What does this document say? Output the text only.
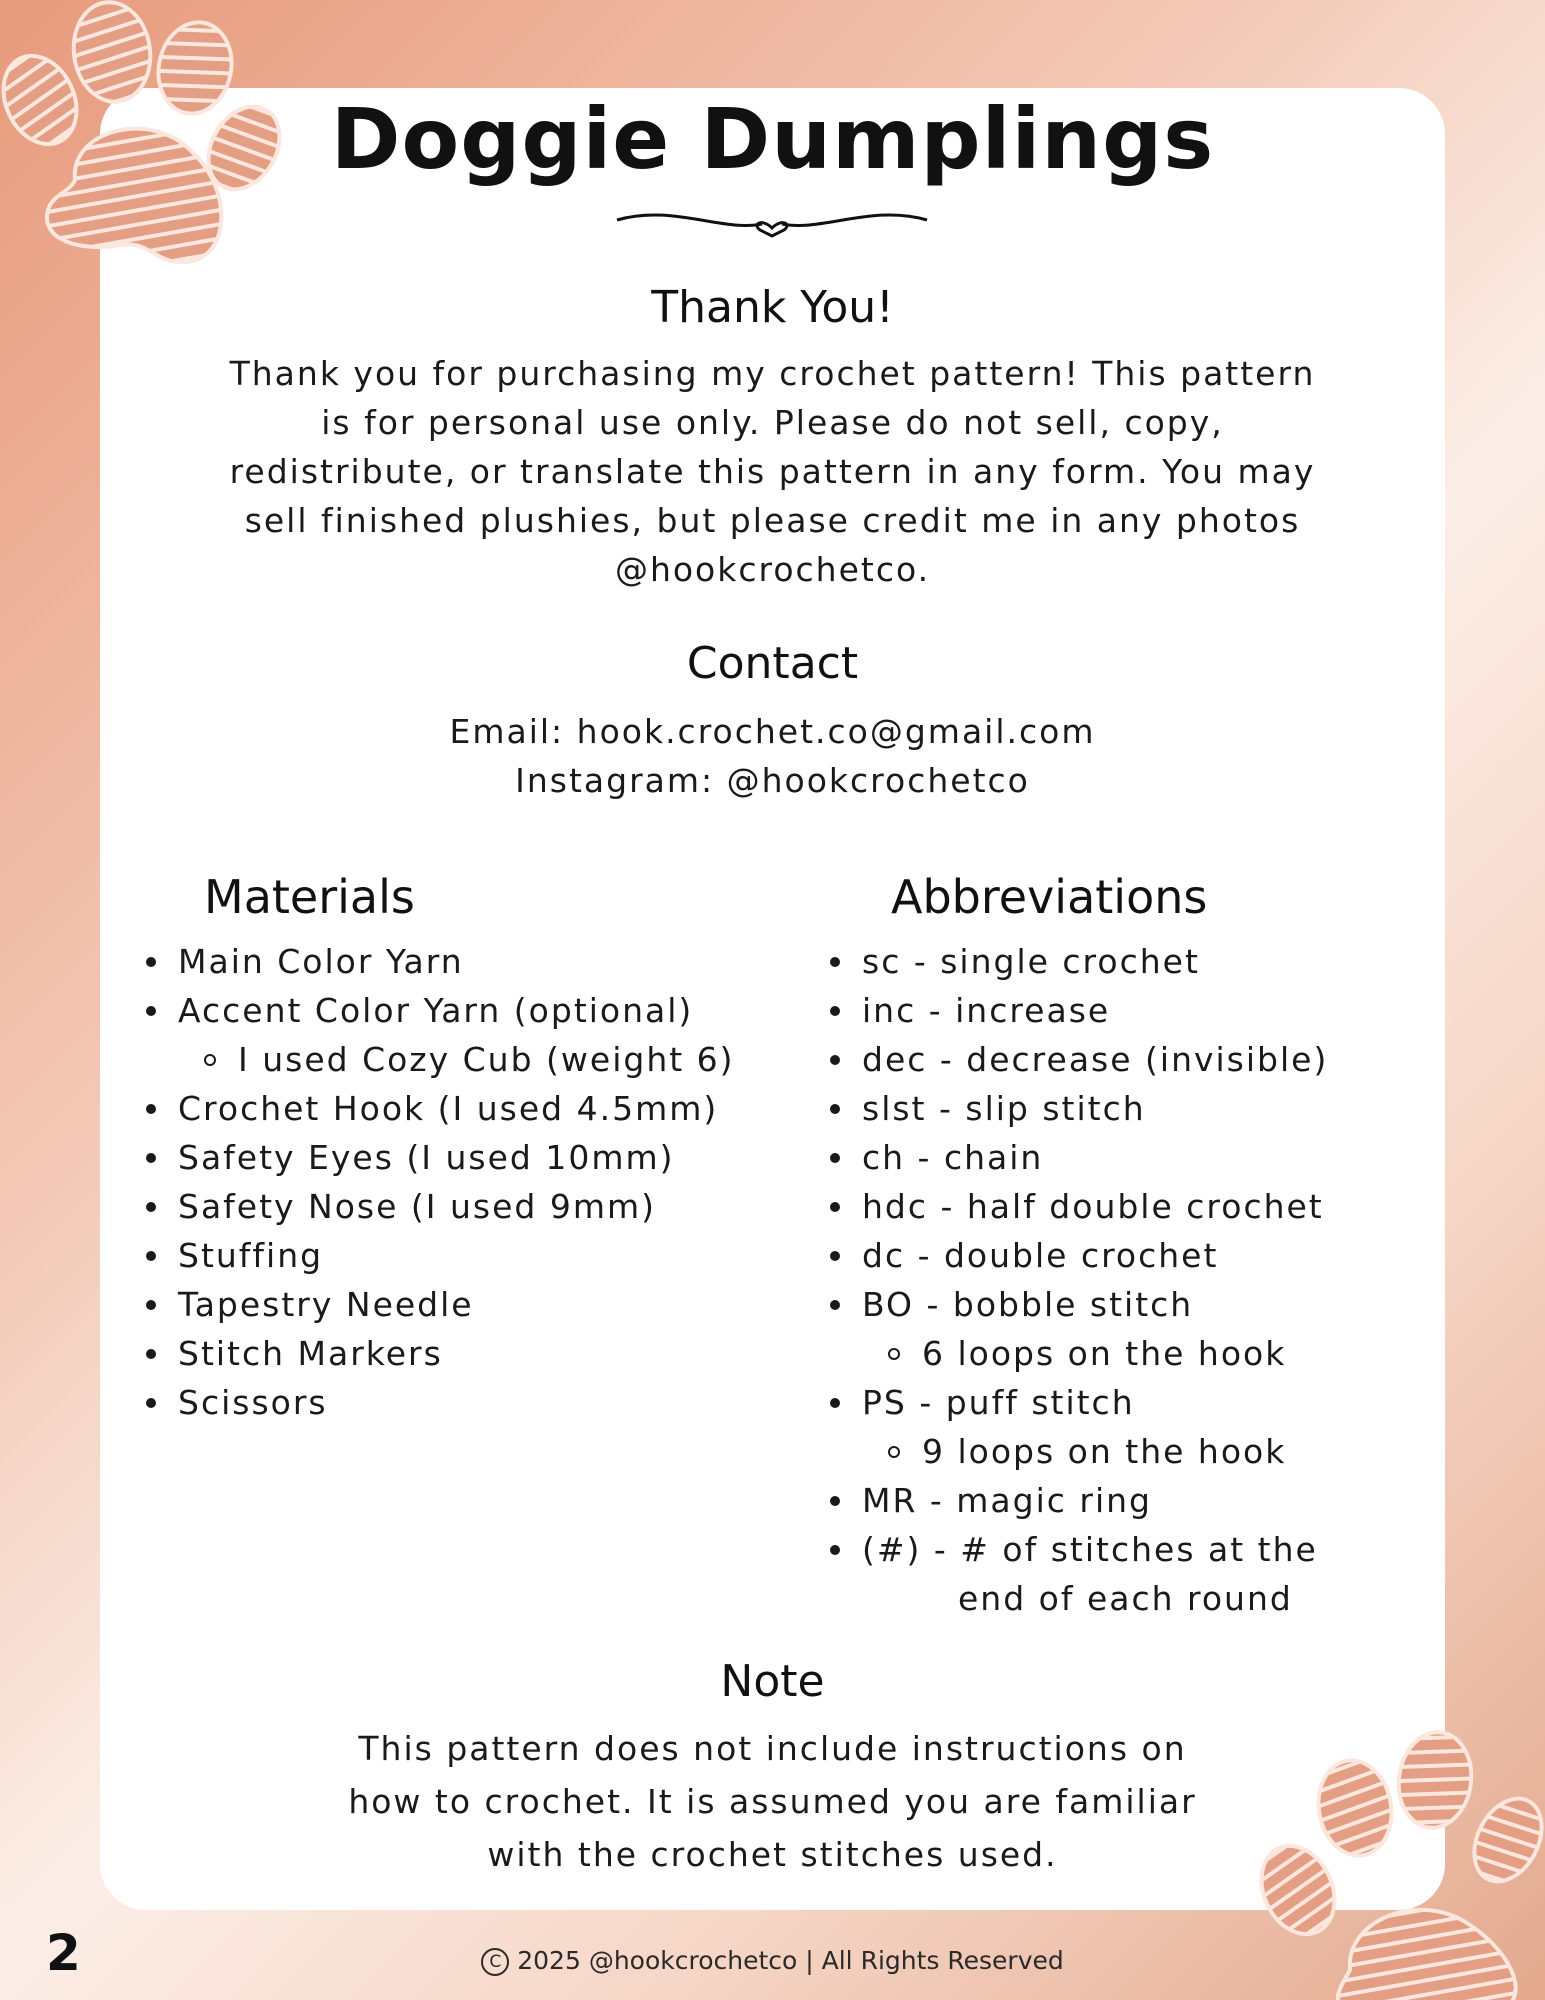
Doggie Dumplings
Thank You!
Thank you for purchasing my crochet pattern! This pattern
is for personal use only. Please do not sell, copy,
redistribute, or translate this pattern in any form. You may
sell finished plushies, but please credit me in any photos
@hookcrochetco.
Contact
Email: hook.crochet.co@gmail.com
Instagram: @hookcrochetco
Materials
Main Color Yarn
Accent Color Yarn (optional)
I used Cozy Cub (weight 6)
Crochet Hook (I used 4.5mm)
Safety Eyes (I used 10mm)
Safety Nose (I used 9mm)
Stuffing
Tapestry Needle
Stitch Markers
Scissors
Abbreviations
sc - single crochet
inc - increase
dec - decrease (invisible)
slst - slip stitch
ch - chain
hdc - half double crochet
dc - double crochet
BO - bobble stitch
6 loops on the hook
PS - puff stitch
9 loops on the hook
MR - magic ring
(#) - # of stitches at the
end of each round
Note
This pattern does not include instructions on
how to crochet. It is assumed you are familiar
with the crochet stitches used.
2	C 2025 @hookcrochetco | All Rights Reserved
